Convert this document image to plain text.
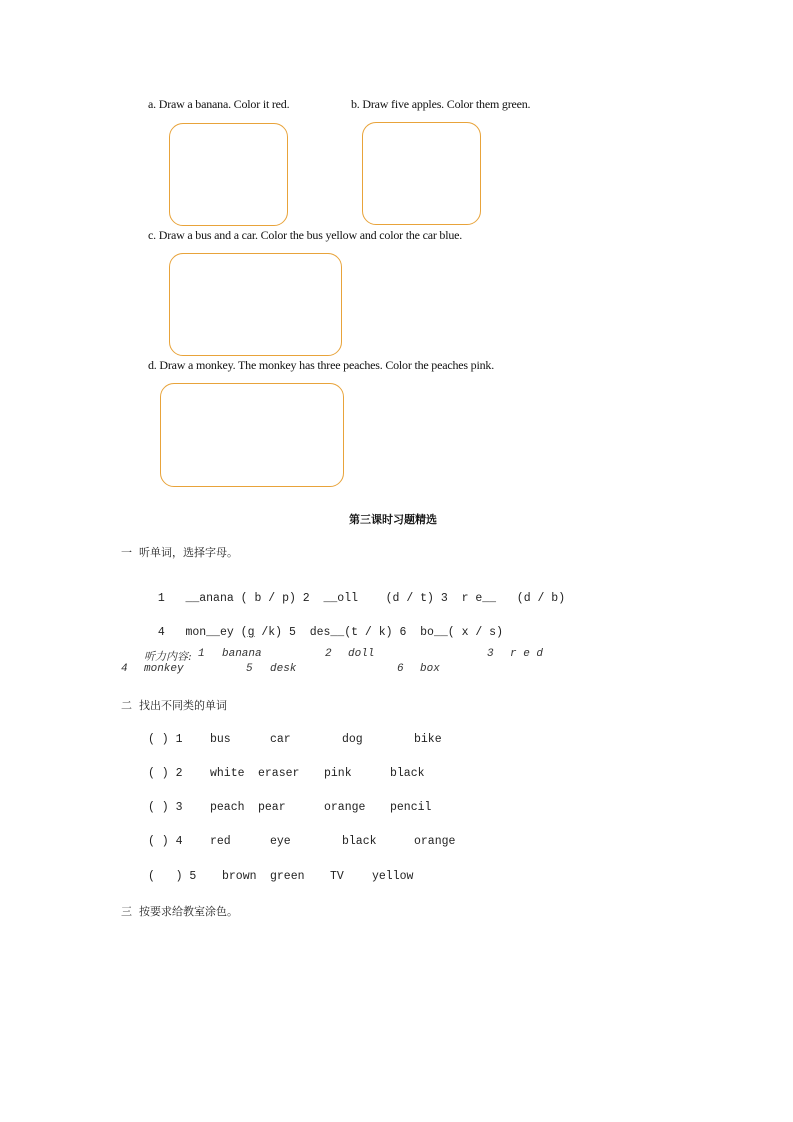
a. Draw a banana. Color it red.	b. Draw five apples. Color them green.
c. Draw a bus and a car. Color the bus yellow and color the car blue.
d. Draw a monkey. The monkey has three peaches. Color the peaches pink.
第三课时习题精选
一  听单词，选择字母。

1 __anana ( b / p) 2 __oll (d / t) 3 r e__ (d / b)

4 mon__ey (g /k) 5 des__(t / k) 6 bo__( x / s)

听力内容: 1 banana	2 doll	3 r e d
4 monkey	5 desk	6 box
二  找出不同类的单词
( ) 1 bus	car	dog	bike
( ) 2 white eraser pink	black
( ) 3 peach pear	orange pencil
( ) 4 red	eye	black	orange
(   ) 5 brown green TV yellow
三  按要求给教室涂色。
